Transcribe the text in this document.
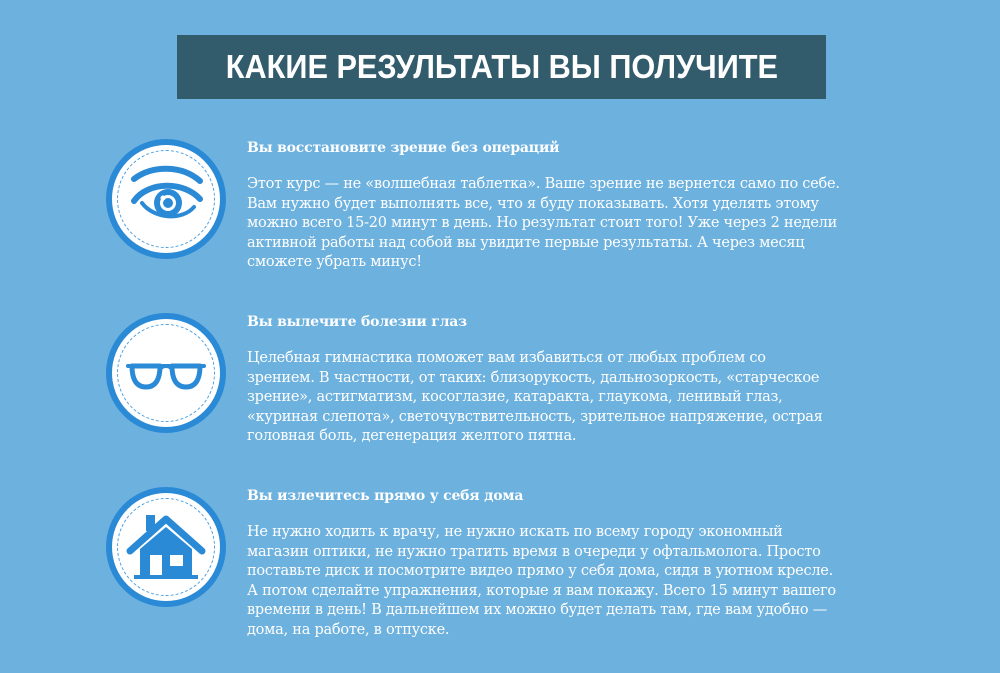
КАКИЕ РЕЗУЛЬТАТЫ ВЫ ПОЛУЧИТЕ
Вы восстановите зрение без операций

Этот курс — не «волшебная таблетка». Ваше зрение не вернется само по себе.
Вам нужно будет выполнять все, что я буду показывать. Хотя уделять этому
можно всего 15-20 минут в день. Но результат стоит того! Уже через 2 недели
активной работы над собой вы увидите первые результаты. А через месяц
сможете убрать минус!

Вы вылечите болезни глаз

Целебная гимнастика поможет вам избавиться от любых проблем со
зрением. В частности, от таких: близорукость, дальнозоркость, «старческое
зрение», астигматизм, косоглазие, катаракта, глаукома, ленивый глаз,
«куриная слепота», светочувствительность, зрительное напряжение, острая
головная боль, дегенерация желтого пятна.

Вы излечитесь прямо у себя дома

Не нужно ходить к врачу, не нужно искать по всему городу экономный
магазин оптики, не нужно тратить время в очереди у офтальмолога. Просто
поставьте диск и посмотрите видео прямо у себя дома, сидя в уютном кресле.
А потом сделайте упражнения, которые я вам покажу. Всего 15 минут вашего
времени в день! В дальнейшем их можно будет делать там, где вам удобно —
дома, на работе, в отпуске.
